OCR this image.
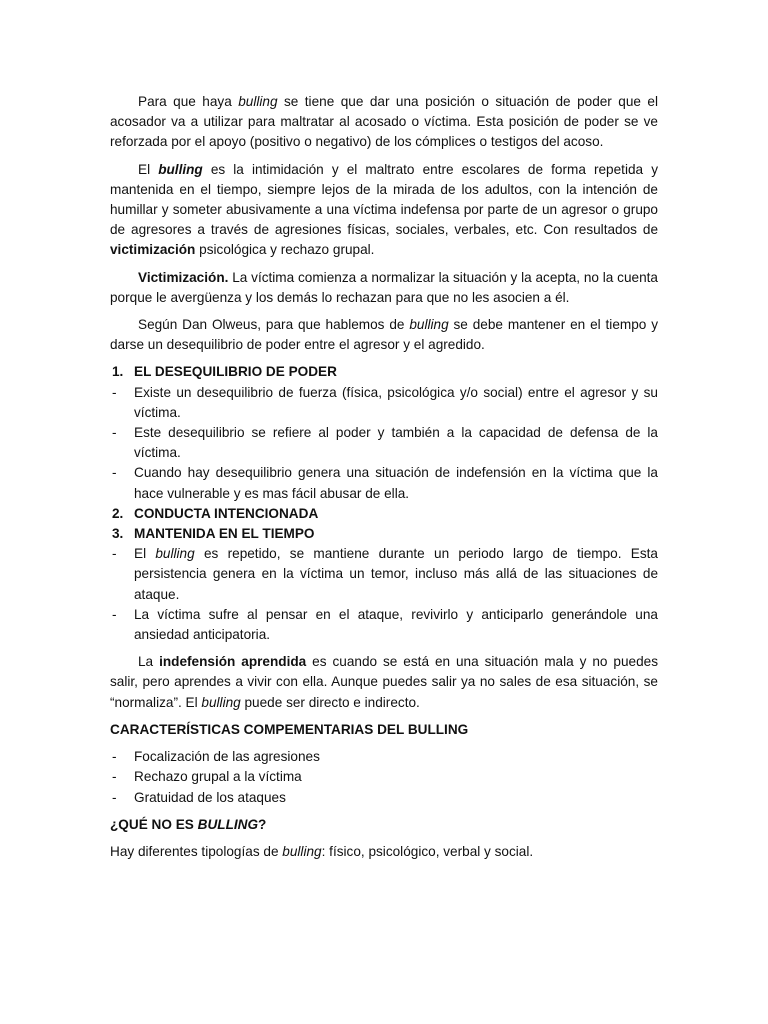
Para que haya bulling se tiene que dar una posición o situación de poder que el acosador va a utilizar para maltratar al acosado o víctima. Esta posición de poder se ve reforzada por el apoyo (positivo o negativo) de los cómplices o testigos del acoso.

El bulling es la intimidación y el maltrato entre escolares de forma repetida y mantenida en el tiempo, siempre lejos de la mirada de los adultos, con la intención de humillar y someter abusivamente a una víctima indefensa por parte de un agresor o grupo de agresores a través de agresiones físicas, sociales, verbales, etc. Con resultados de victimización psicológica y rechazo grupal.

Victimización. La víctima comienza a normalizar la situación y la acepta, no la cuenta porque le avergüenza y los demás lo rechazan para que no les asocien a él.

Según Dan Olweus, para que hablemos de bulling se debe mantener en el tiempo y darse un desequilibrio de poder entre el agresor y el agredido.

1. EL DESEQUILIBRIO DE PODER
-	Existe un desequilibrio de fuerza (física, psicológica y/o social) entre el agresor y su víctima.
-	Este desequilibrio se refiere al poder y también a la capacidad de defensa de la víctima.
-	Cuando hay desequilibrio genera una situación de indefensión en la víctima que la hace vulnerable y es mas fácil abusar de ella.
2. CONDUCTA INTENCIONADA
3. MANTENIDA EN EL TIEMPO
-	El bulling es repetido, se mantiene durante un periodo largo de tiempo. Esta persistencia genera en la víctima un temor, incluso más allá de las situaciones de ataque.
-	La víctima sufre al pensar en el ataque, revivirlo y anticiparlo generándole una ansiedad anticipatoria.

La indefensión aprendida es cuando se está en una situación mala y no puedes salir, pero aprendes a vivir con ella. Aunque puedes salir ya no sales de esa situación, se “normaliza”. El bulling puede ser directo e indirecto.

CARACTERÍSTICAS COMPEMENTARIAS DEL BULLING

-	Focalización de las agresiones
-	Rechazo grupal a la víctima
-	Gratuidad de los ataques

¿QUÉ NO ES BULLING?

Hay diferentes tipologías de bulling: físico, psicológico, verbal y social.
